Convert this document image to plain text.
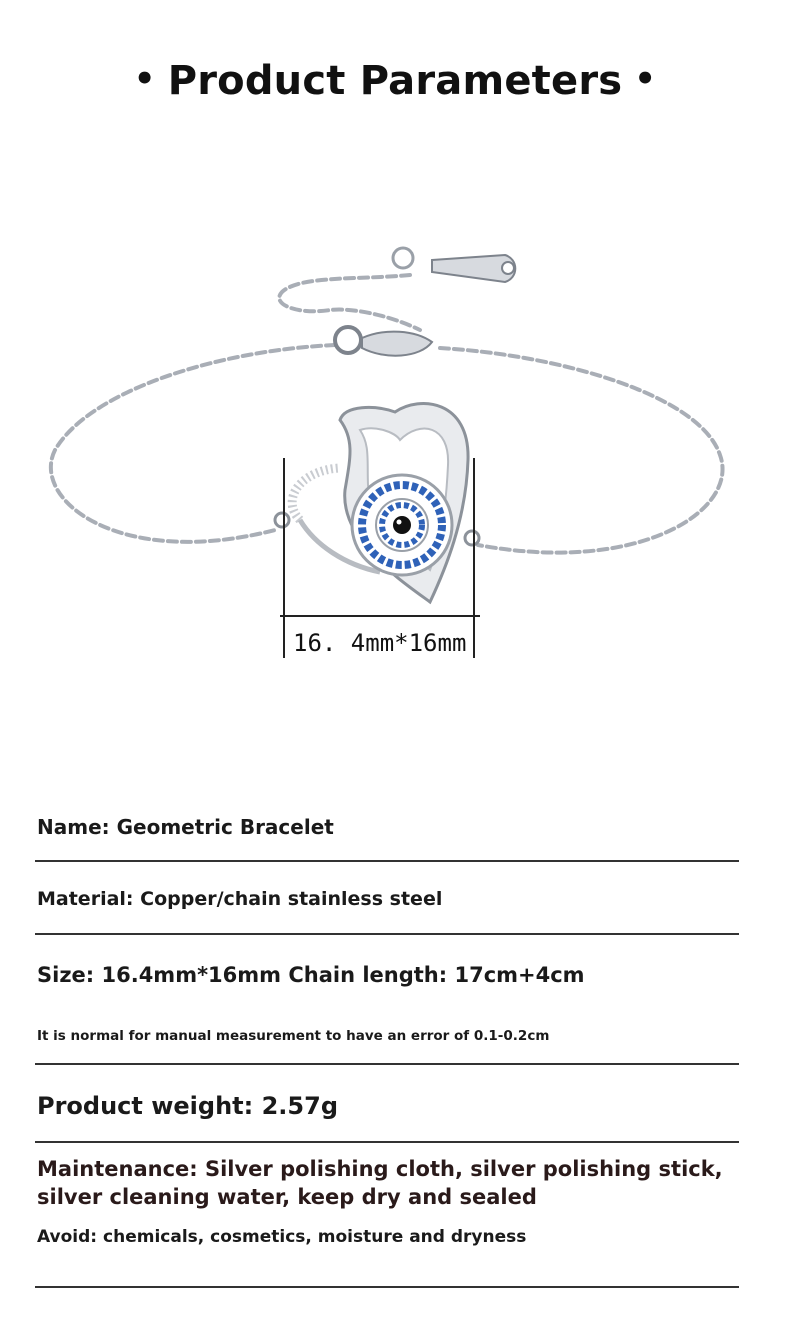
• Product Parameters •
16. 4mm*16mm
Name: Geometric Bracelet
Material: Copper/chain stainless steel
Size: 16.4mm*16mm Chain length: 17cm+4cm
It is normal for manual measurement to have an error of 0.1-0.2cm
Product weight: 2.57g
Maintenance: Silver polishing cloth, silver polishing stick, silver cleaning water, keep dry and sealed
Avoid: chemicals, cosmetics, moisture and dryness
